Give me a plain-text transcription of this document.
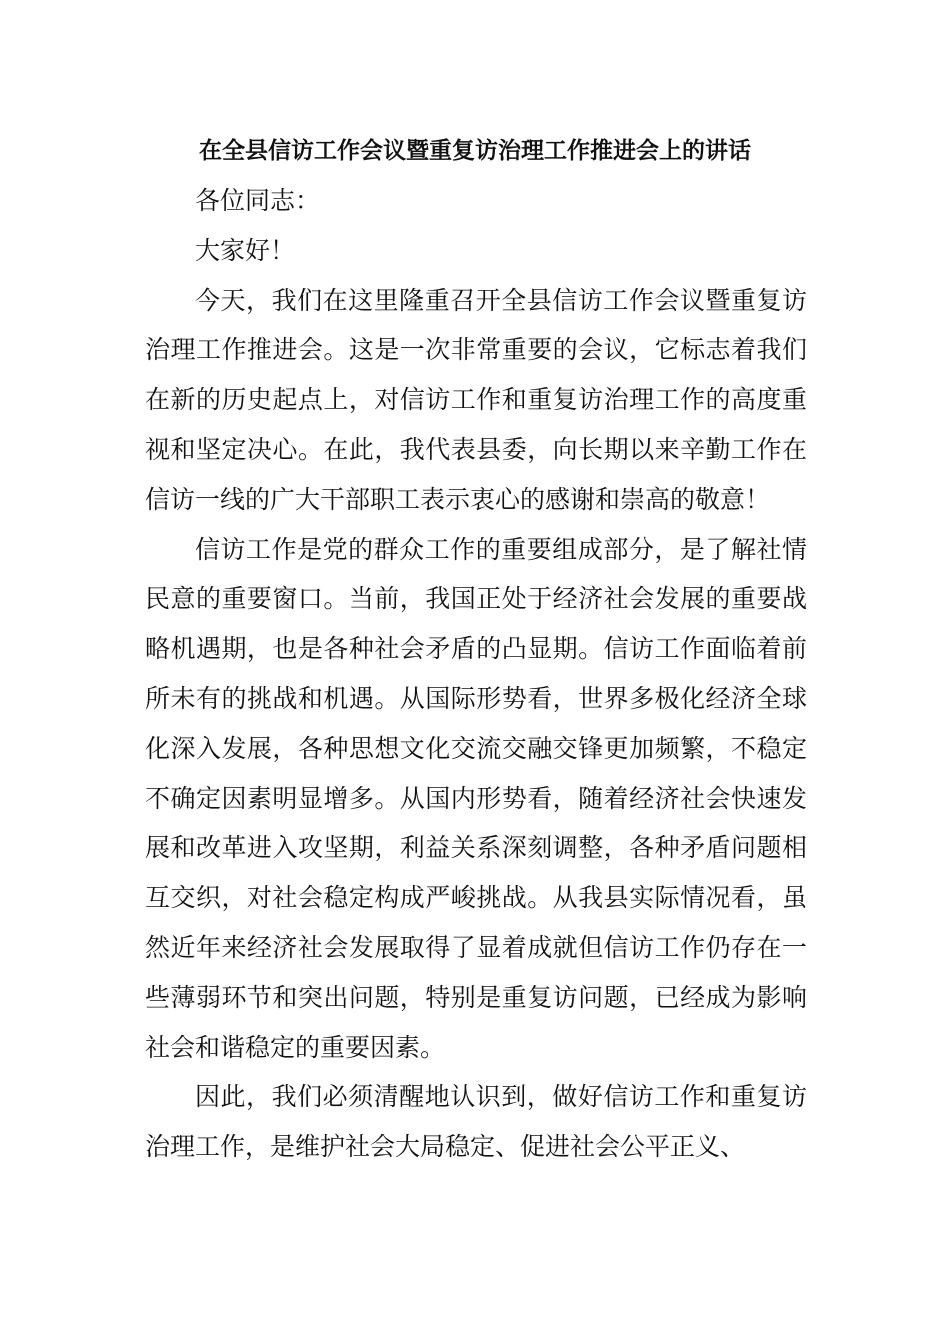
在全县信访工作会议暨重复访治理工作推进会上的讲话

各位同志：

大家好！

今天，我们在这里隆重召开全县信访工作会议暨重复访治理工作推进会。这是一次非常重要的会议，它标志着我们在新的历史起点上，对信访工作和重复访治理工作的高度重视和坚定决心。在此，我代表县委，向长期以来辛勤工作在信访一线的广大干部职工表示衷心的感谢和崇高的敬意！

信访工作是党的群众工作的重要组成部分，是了解社情民意的重要窗口。当前，我国正处于经济社会发展的重要战略机遇期，也是各种社会矛盾的凸显期。信访工作面临着前所未有的挑战和机遇。从国际形势看，世界多极化经济全球化深入发展，各种思想文化交流交融交锋更加频繁，不稳定不确定因素明显增多。从国内形势看，随着经济社会快速发展和改革进入攻坚期，利益关系深刻调整，各种矛盾问题相互交织，对社会稳定构成严峻挑战。从我县实际情况看，虽然近年来经济社会发展取得了显着成就但信访工作仍存在一些薄弱环节和突出问题，特别是重复访问题，已经成为影响社会和谐稳定的重要因素。

因此，我们必须清醒地认识到，做好信访工作和重复访治理工作，是维护社会大局稳定、促进社会公平正义、
